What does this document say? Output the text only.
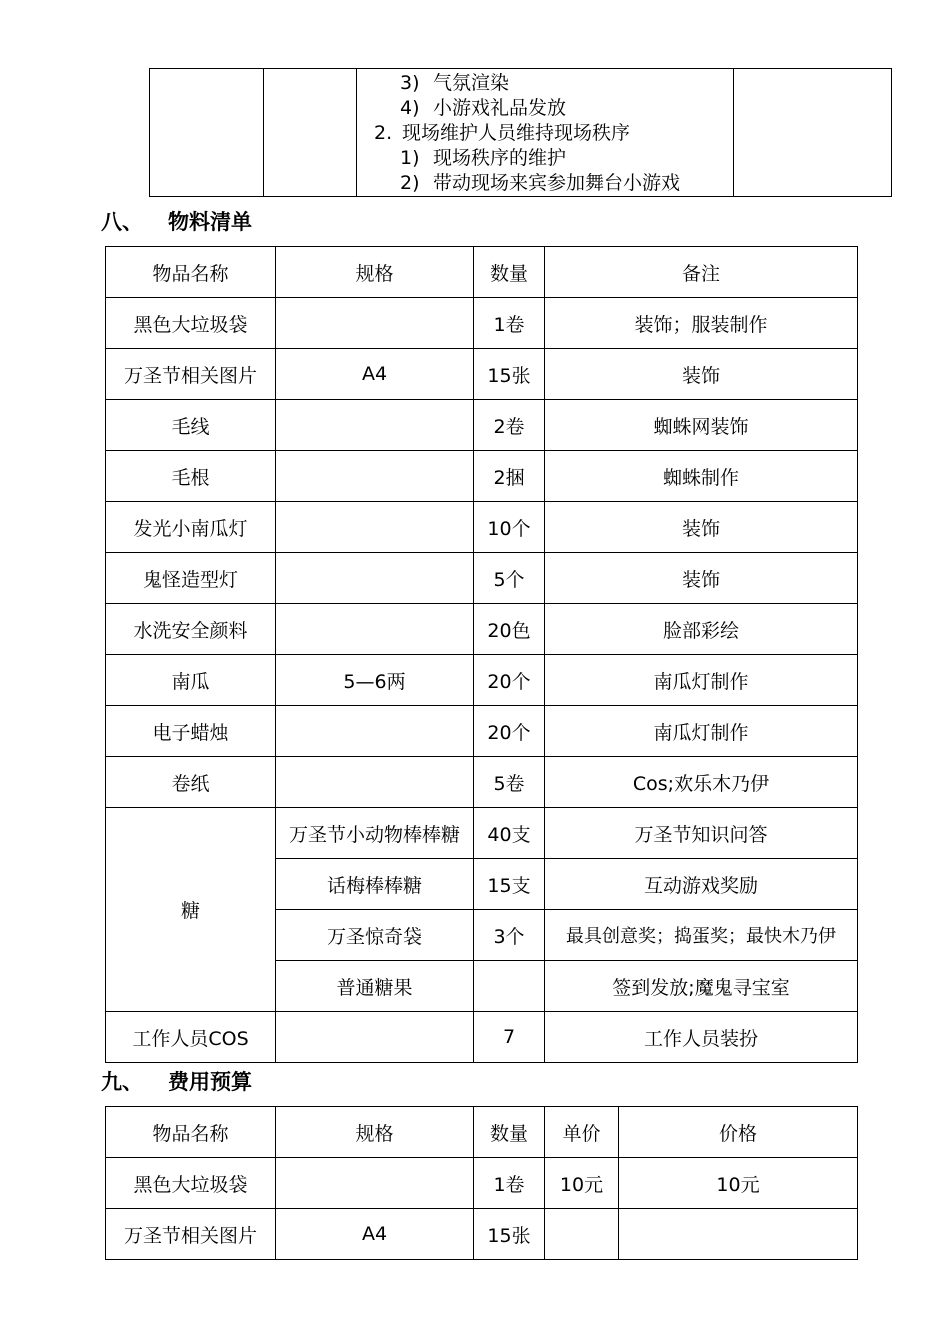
3) 气氛渲染
4) 小游戏礼品发放
2. 现场维护人员维持现场秩序
1) 现场秩序的维护
2) 带动现场来宾参加舞台小游戏

八、 物料清单
物品名称	规格	数量	备注
黑色大垃圾袋		1卷	装饰；服装制作
万圣节相关图片	A4	15张	装饰
毛线		2卷	蜘蛛网装饰
毛根		2捆	蜘蛛制作
发光小南瓜灯		10个	装饰
鬼怪造型灯		5个	装饰
水洗安全颜料		20色	脸部彩绘
南瓜	5—6两	20个	南瓜灯制作
电子蜡烛		20个	南瓜灯制作
卷纸		5卷	Cos;欢乐木乃伊
糖	万圣节小动物棒棒糖	40支	万圣节知识问答
	话梅棒棒糖	15支	互动游戏奖励
	万圣惊奇袋	3个	最具创意奖；捣蛋奖；最快木乃伊
	普通糖果		签到发放;魔鬼寻宝室
工作人员COS		7	工作人员装扮
九、 费用预算
物品名称	规格	数量	单价	价格
黑色大垃圾袋		1卷	10元	10元
万圣节相关图片	A4	15张		
